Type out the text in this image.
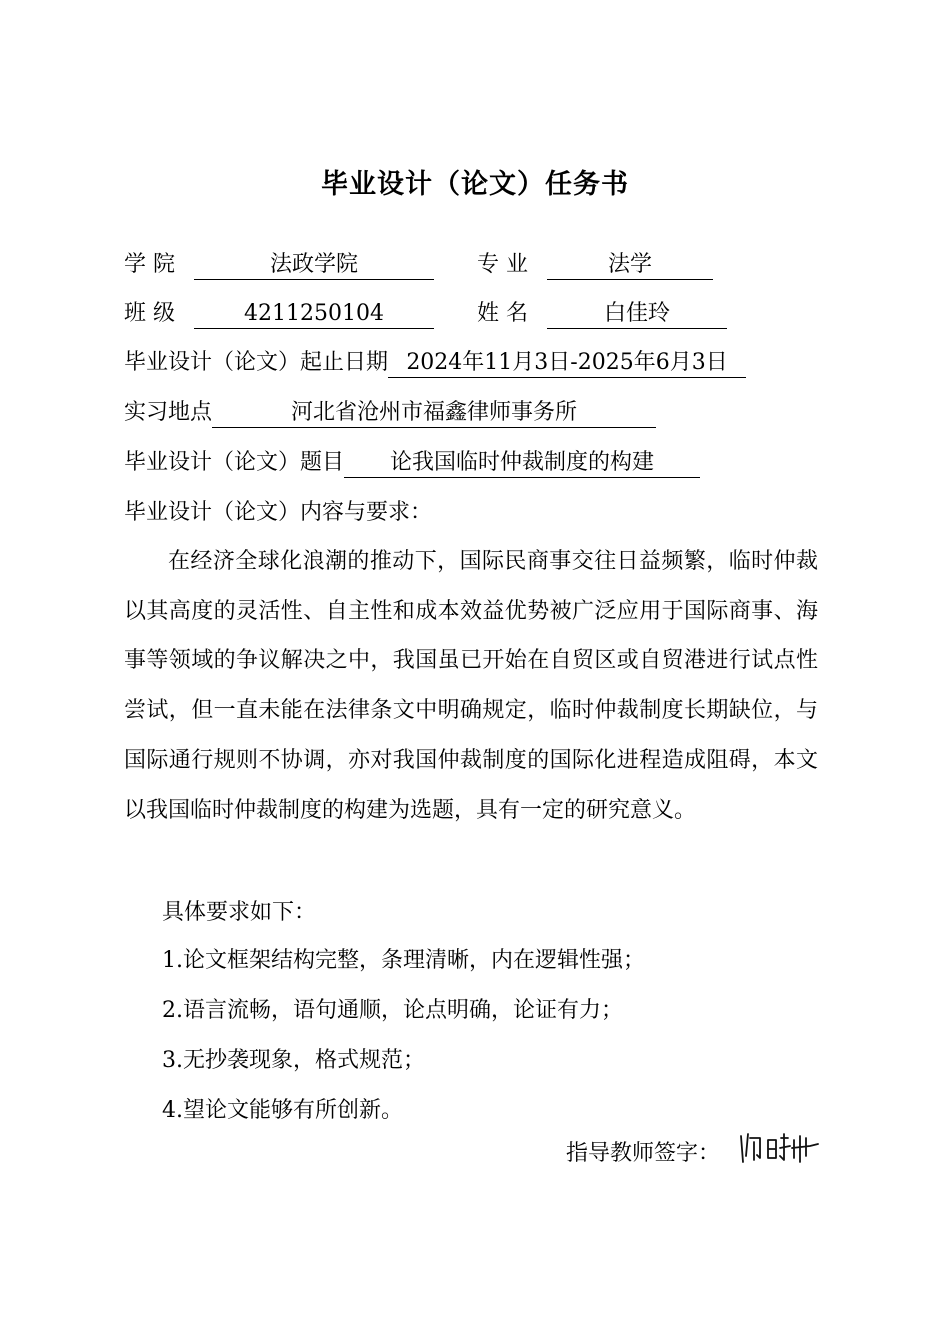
毕业设计（论文）任务书
学 院	法政学院	专 业	法学
班 级	4211250104	姓 名	白佳玲
毕业设计（论文）起止日期 2024年11月3日-2025年6月3日
实习地点	河北省沧州市福鑫律师事务所
毕业设计（论文）题目 论我国临时仲裁制度的构建
毕业设计（论文）内容与要求：

在经济全球化浪潮的推动下，国际民商事交往日益频繁，临时仲裁以其高度的灵活性、自主性和成本效益优势被广泛应用于国际商事、海事等领域的争议解决之中，我国虽已开始在自贸区或自贸港进行试点性尝试，但一直未能在法律条文中明确规定，临时仲裁制度长期缺位，与国际通行规则不协调，亦对我国仲裁制度的国际化进程造成阻碍，本文以我国临时仲裁制度的构建为选题，具有一定的研究意义。

具体要求如下：
1.论文框架结构完整，条理清晰，内在逻辑性强；
2.语言流畅，语句通顺，论点明确，论证有力；
3.无抄袭现象，格式规范；
4.望论文能够有所创新。
指导教师签字：
